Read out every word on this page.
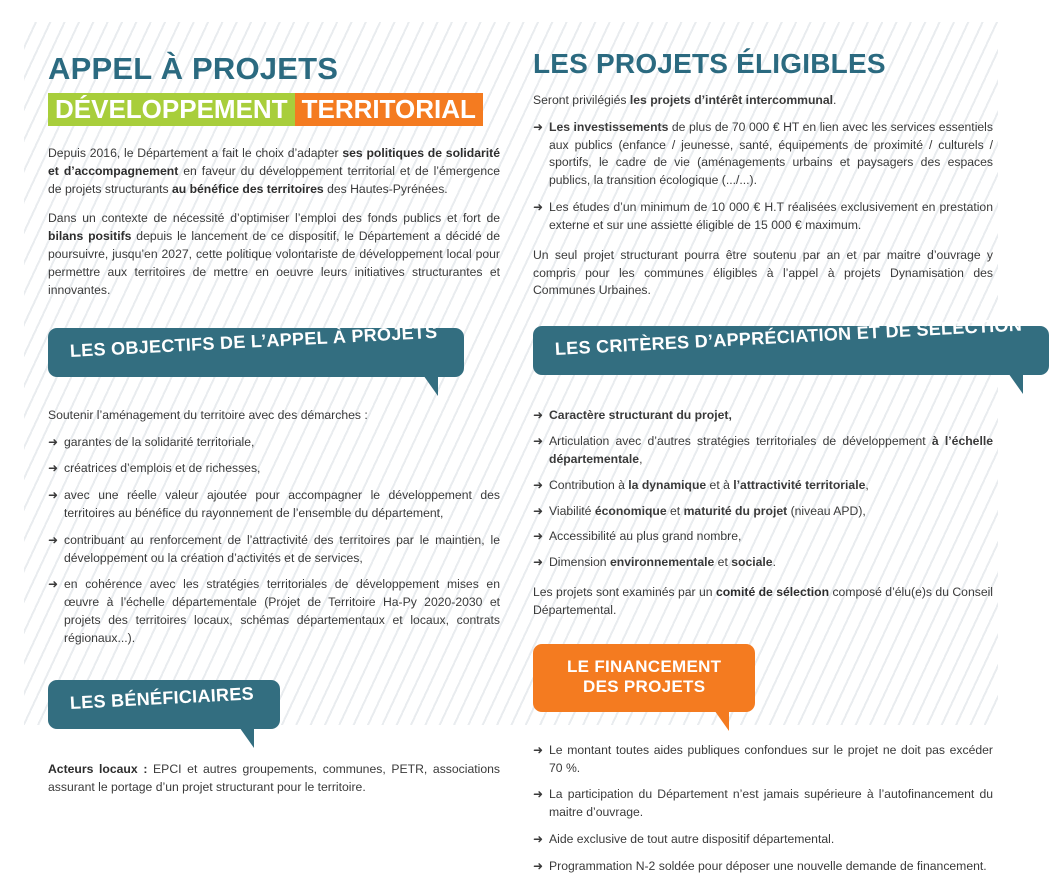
APPEL À PROJETS
DÉVELOPPEMENT TERRITORIAL

Depuis 2016, le Département a fait le choix d’adapter ses politiques de solidarité et d’accompagnement en faveur du développement territorial et de l’émergence de projets structurants au bénéfice des territoires des Hautes-Pyrénées.

Dans un contexte de nécessité d’optimiser l’emploi des fonds publics et fort de bilans positifs depuis le lancement de ce dispositif, le Département a décidé de poursuivre, jusqu’en 2027, cette politique volontariste de développement local pour permettre aux territoires de mettre en oeuvre leurs initiatives structurantes et innovantes.

LES OBJECTIFS DE L’APPEL À PROJETS

Soutenir l’aménagement du territoire avec des démarches :

➜ garantes de la solidarité territoriale,
➜ créatrices d’emplois et de richesses,
➜ avec une réelle valeur ajoutée pour accompagner le développement des territoires au bénéfice du rayonnement de l’ensemble du département,
➜ contribuant au renforcement de l’attractivité des territoires par le maintien, le développement ou la création d’activités et de services,
➜ en cohérence avec les stratégies territoriales de développement mises en œuvre à l’échelle départementale (Projet de Territoire Ha-Py 2020-2030 et projets des territoires locaux, schémas départementaux et locaux, contrats régionaux...).
LES BÉNÉFICIAIRES

Acteurs locaux : EPCI et autres groupements, communes, PETR, associations assurant le portage d’un projet structurant pour le territoire.

LES PROJETS ÉLIGIBLES

Seront privilégiés les projets d’intérêt intercommunal.

➜ Les investissements de plus de 70 000 € HT en lien avec les services essentiels aux publics (enfance / jeunesse, santé, équipements de proximité / culturels / sportifs, le cadre de vie (aménagements urbains et paysagers des espaces publics, la transition écologique (.../...).
➜ Les études d’un minimum de 10 000 € H.T réalisées exclusivement en prestation externe et sur une assiette éligible de 15 000 € maximum.

Un seul projet structurant pourra être soutenu par an et par maitre d’ouvrage y compris pour les communes éligibles à l’appel à projets Dynamisation des Communes Urbaines.

LES CRITÈRES D’APPRÉCIATION ET DE SÉLECTION
➜ Caractère structurant du projet,
➜ Articulation avec d’autres stratégies territoriales de développement à l’échelle départementale,
➜ Contribution à la dynamique et à l’attractivité territoriale,
➜ Viabilité économique et maturité du projet (niveau APD),
➜ Accessibilité au plus grand nombre,
➜ Dimension environnementale et sociale.

Les projets sont examinés par un comité de sélection composé d’élu(e)s du Conseil Départemental.

LE FINANCEMENT
DES PROJETS
➜ Le montant toutes aides publiques confondues sur le projet ne doit pas excéder 70 %.
➜ La participation du Département n’est jamais supérieure à l’autofinancement du maitre d’ouvrage.
➜ Aide exclusive de tout autre dispositif départemental.
➜ Programmation N-2 soldée pour déposer une nouvelle demande de financement.
